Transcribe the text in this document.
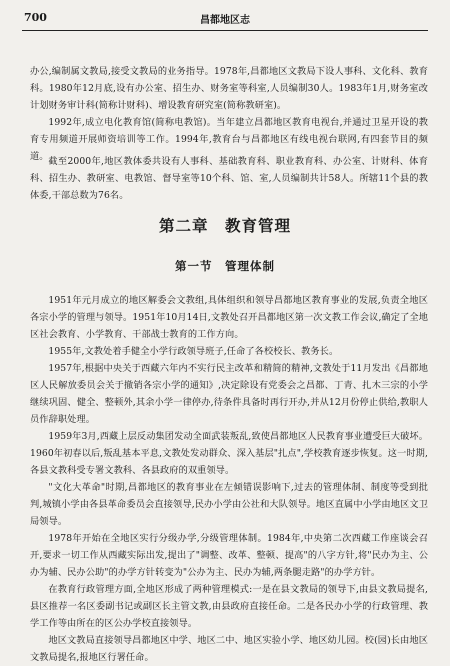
700	昌都地区志

办公,编制属文教局,接受文教局的业务指导。1978年,昌都地区文教局下设人事科、文化科、教育科。1980年12月底,设有办公室、招生办、财务室等科室,人员编制30人。1983年1月,财务室改计划财务审计科(简称计财科)、增设教育研究室(简称教研室)。

1992年,成立电化教育馆(简称电教馆)。当年建立昌都地区教育电视台,并通过卫星开设的教育专用频道开展师资培训等工作。1994年,教育台与昌都地区有线电视台联网,有四套节目的频道。 截至2000年,地区教体委共设有人事科、基础教育科、职业教育科、办公室、计财科、体育科、招生办、教研室、电教馆、督导室等10个科、馆、室,人员编制共计58人。所辖11个县的教体委,干部总数为76名。

第二章　教育管理
第一节　管理体制

1951年元月成立的地区解委会文教组,具体组织和领导昌都地区教育事业的发展,负责全地区各宗小学的管理与领导。1951年10月14日,文教处召开昌都地区第一次文教工作会议,确定了全地区社会教育、小学教育、干部战士教育的工作方向。

1955年,文教处着手健全小学行政领导班子,任命了各校校长、教务长。

1957年,根据中央关于西藏六年内不实行民主改革和精简的精神,文教处于11月发出《昌都地区人民解放委员会关于撤销各宗小学的通知》,决定除设有党委会之昌都、丁青、扎木三宗的小学继续巩固、健全、整顿外,其余小学一律停办,待条件具备时再行开办,并从12月份停止供给,教职人员作辞职处理。

1959年3月,西藏上层反动集团发动全面武装叛乱,致使昌都地区人民教育事业遭受巨大破坏。1960年初春以后,叛乱基本平息,文教处发动群众、深入基层"扎点",学校教育逐步恢复。这一时期,各县文教科受专署文教科、各县政府的双重领导。

"文化大革命"时期,昌都地区的教育事业在左倾错误影响下,过去的管理体制、制度等受到批判,城镇小学由各县革命委员会直接领导,民办小学由公社和大队领导。地区直属中小学由地区文卫局领导。

1978年开始在全地区实行分级办学,分级管理体制。1984年,中央第二次西藏工作座谈会召开,要求一切工作从西藏实际出发,提出了"调整、改革、整顿、提高"的八字方针,将"民办为主、公办为辅、民办公助"的办学方针转变为"公办为主、民办为辅,两条腿走路"的办学方针。

在教育行政管理方面,全地区形成了两种管理模式:一是在县文教局的领导下,由县文教局提名,县区推荐一名区委副书记或副区长主管文教,由县政府直接任命。二是各民办小学的行政管理、教学工作等由所在的区公办学校直接领导。

地区文教局直接领导昌都地区中学、地区二中、地区实验小学、地区幼儿园。校(园)长由地区文教局提名,报地区行署任命。
